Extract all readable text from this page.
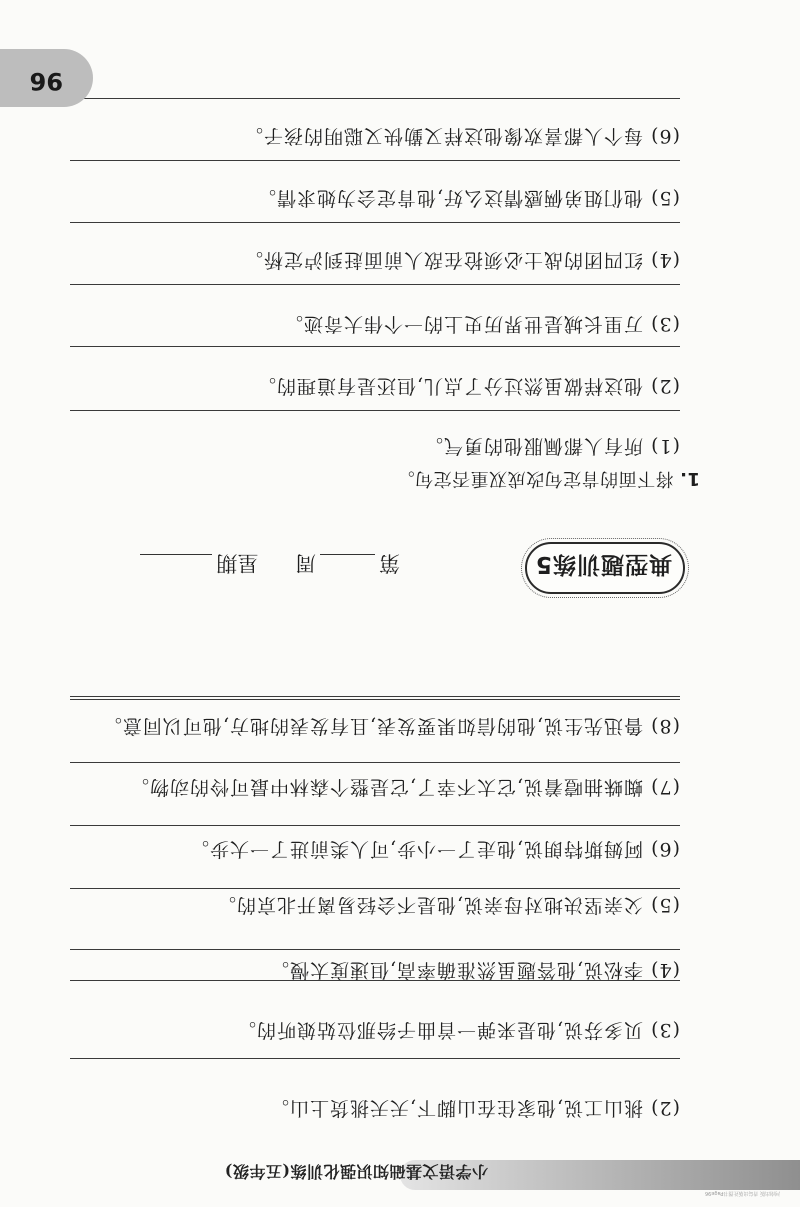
河南出版 青岛出版社图书Page96
小学语文基础知识强化训练(五年级)
(2) 挑山工说,他家住在山脚下,天天挑货上山。
(3) 贝多芬说,他是来弹一首曲子给那位姑娘听的。
(4) 李松说,他答题虽然准确率高,但速度太慢。
(5) 父亲坚决地对母亲说,他是不会轻易离开北京的。
(6) 阿姆斯特朗说,他走了一小步,可人类前进了一大步。
(7) 蜘蛛抽噎着说,它太不幸了,它是整个森林中最可怜的动物。
(8) 鲁迅先生说,他的信如果要发表,且有发表的地方,他可以同意。
典型题训练5
第周 星期
1.将下面的肯定句改成双重否定句。
(1) 所有人都佩服他的勇气。
(2) 他这样做虽然过分了点儿,但还是有道理的。
(3) 万里长城是世界历史上的一个伟大奇迹。
(4) 红四团的战士必须抢在敌人前面赶到泸定桥。
(5) 他们姐弟俩感情这么好,他肯定会为她求情。
(6) 每个人都喜欢像他这样又勤快又聪明的孩子。
96
